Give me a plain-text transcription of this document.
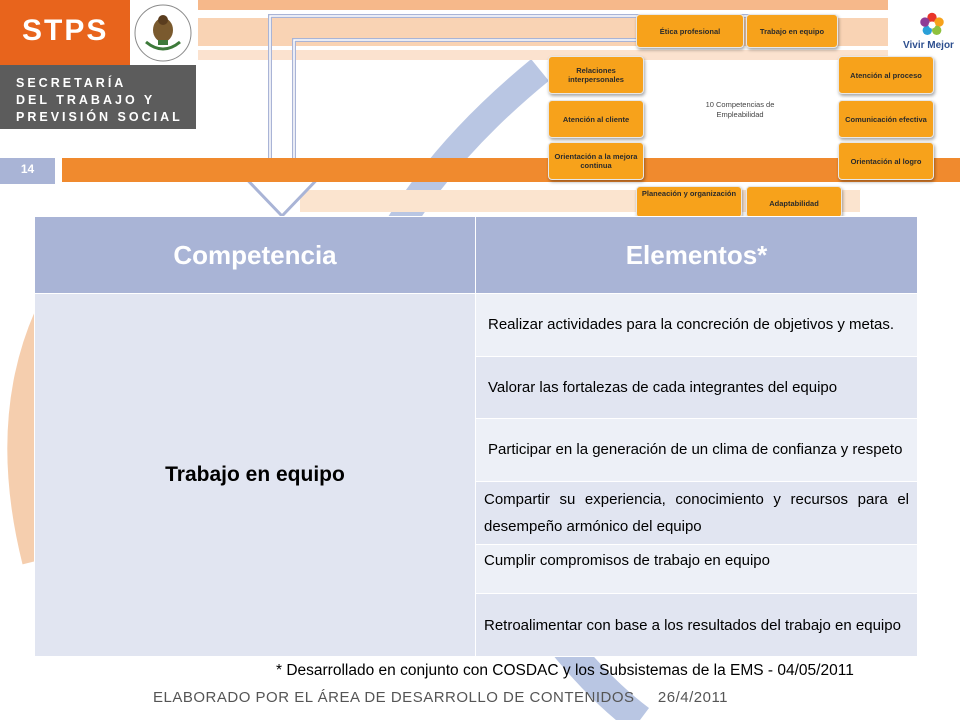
STPS
SECRETARÍA
DEL TRABAJO Y
PREVISIÓN SOCIAL
Vivir Mejor
14
Ética profesional	Trabajo en equipo
Relaciones interpersonales	Atención al proceso
Atención al cliente	Comunicación efectiva
Orientación a la mejora continua	Orientación al logro
Planeación y organización
Adaptabilidad
10 Competencias de Empleabilidad
Competencia	Elementos*
Trabajo en equipo	Realizar actividades para la concreción de objetivos y metas.
	Valorar las fortalezas de cada integrantes del equipo
	Participar en la generación de un clima de confianza y respeto
	Compartir su experiencia, conocimiento y recursos para el desempeño armónico del equipo
	Cumplir compromisos de trabajo en equipo
	Retroalimentar con base a los resultados del trabajo en equipo
* Desarrollado en conjunto con COSDAC y los Subsistemas de la EMS - 04/05/2011
ELABORADO POR EL ÁREA DE DESARROLLO DE CONTENIDOS     26/4/2011
